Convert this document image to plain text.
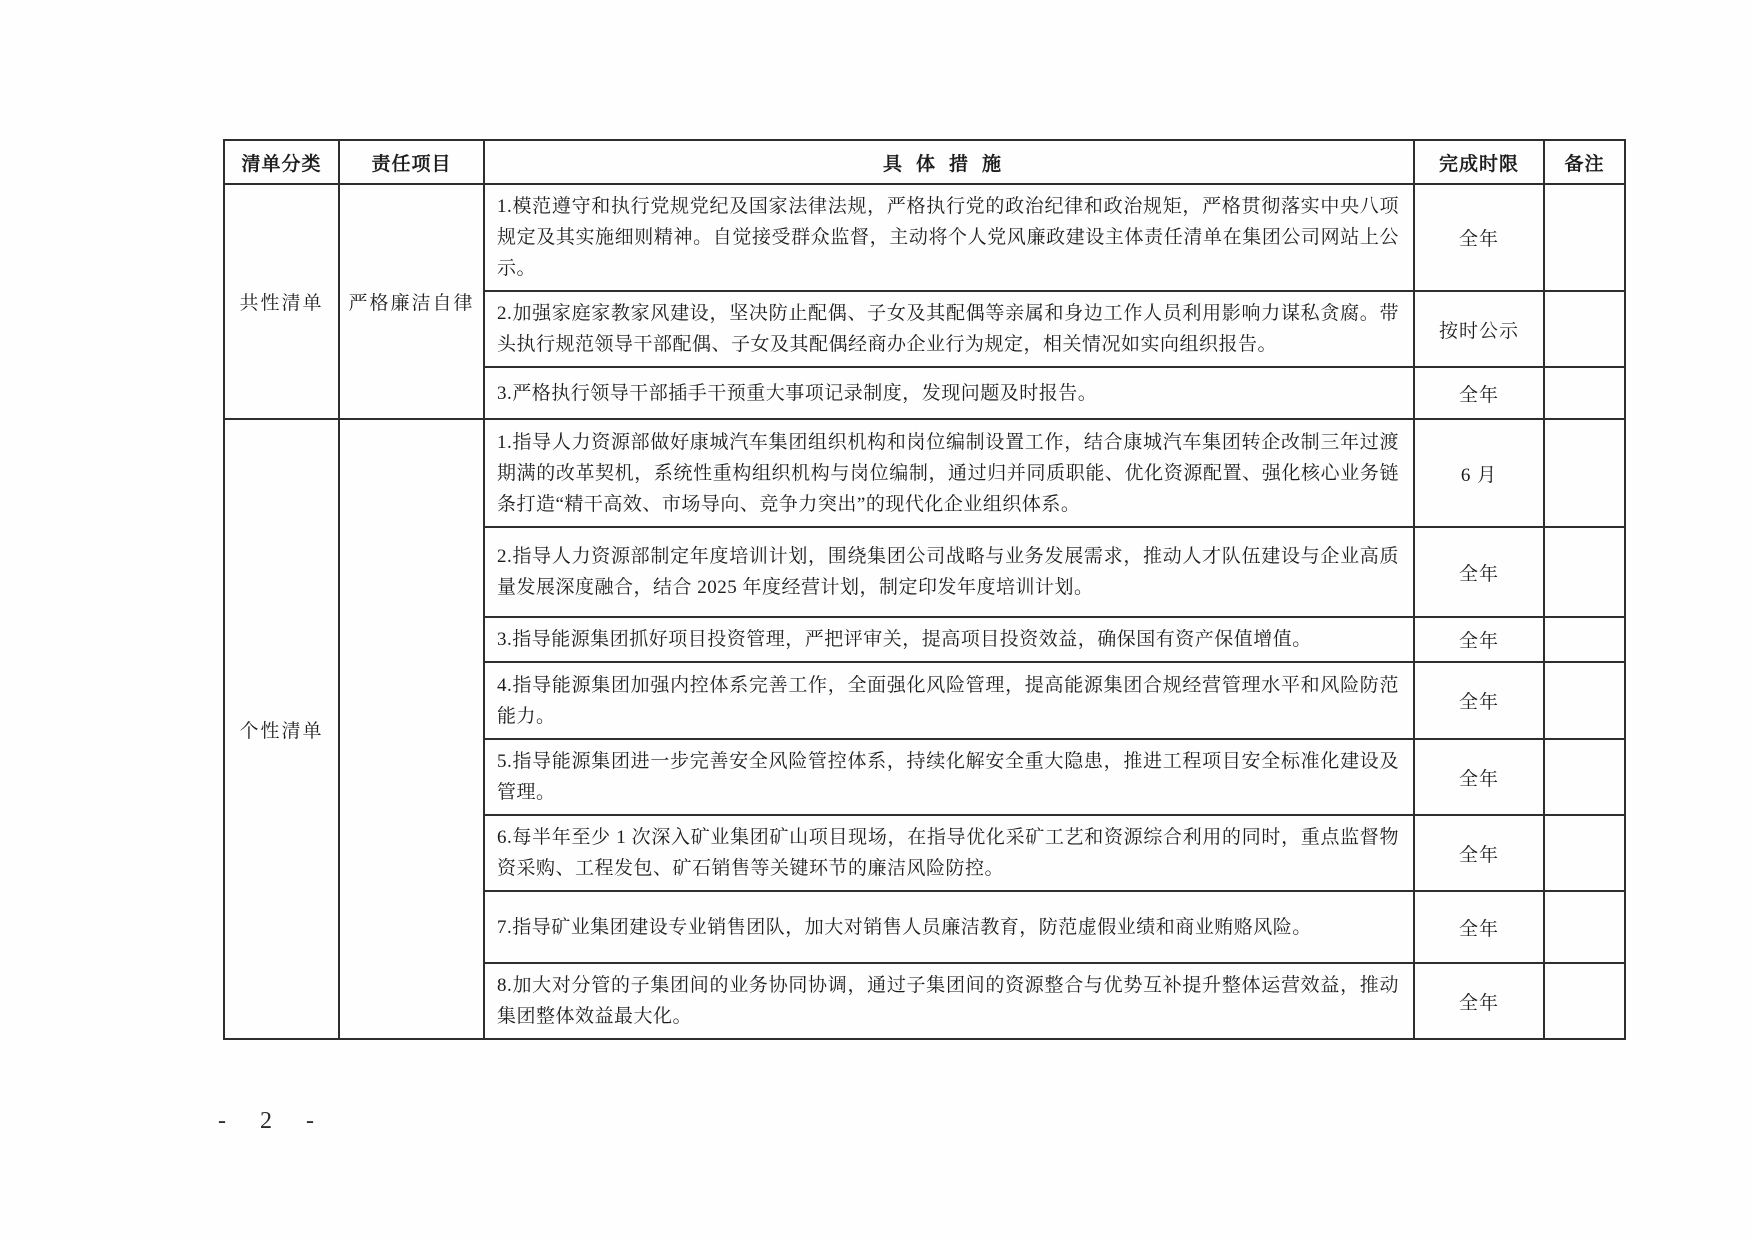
清单分类	责任项目	具体措施	完成时限	备注
共性清单	严格廉洁自律	1.模范遵守和执行党规党纪及国家法律法规，严格执行党的政治纪律和政治规矩，严格贯彻落实中央八项规定及其实施细则精神。自觉接受群众监督，主动将个人党风廉政建设主体责任清单在集团公司网站上公示。	全年	
		2.加强家庭家教家风建设，坚决防止配偶、子女及其配偶等亲属和身边工作人员利用影响力谋私贪腐。带头执行规范领导干部配偶、子女及其配偶经商办企业行为规定，相关情况如实向组织报告。	按时公示	
		3.严格执行领导干部插手干预重大事项记录制度，发现问题及时报告。	全年	
个性清单		1.指导人力资源部做好康城汽车集团组织机构和岗位编制设置工作，结合康城汽车集团转企改制三年过渡期满的改革契机，系统性重构组织机构与岗位编制，通过归并同质职能、优化资源配置、强化核心业务链条打造“精干高效、市场导向、竞争力突出”的现代化企业组织体系。	6 月	
		2.指导人力资源部制定年度培训计划，围绕集团公司战略与业务发展需求，推动人才队伍建设与企业高质量发展深度融合，结合 2025 年度经营计划，制定印发年度培训计划。	全年	
		3.指导能源集团抓好项目投资管理，严把评审关，提高项目投资效益，确保国有资产保值增值。	全年	
		4.指导能源集团加强内控体系完善工作，全面强化风险管理，提高能源集团合规经营管理水平和风险防范能力。	全年	
		5.指导能源集团进一步完善安全风险管控体系，持续化解安全重大隐患，推进工程项目安全标准化建设及管理。	全年	
		6.每半年至少 1 次深入矿业集团矿山项目现场，在指导优化采矿工艺和资源综合利用的同时，重点监督物资采购、工程发包、矿石销售等关键环节的廉洁风险防控。	全年	
		7.指导矿业集团建设专业销售团队，加大对销售人员廉洁教育，防范虚假业绩和商业贿赂风险。	全年	
		8.加大对分管的子集团间的业务协同协调，通过子集团间的资源整合与优势互补提升整体运营效益，推动集团整体效益最大化。	全年	
- 2 -
